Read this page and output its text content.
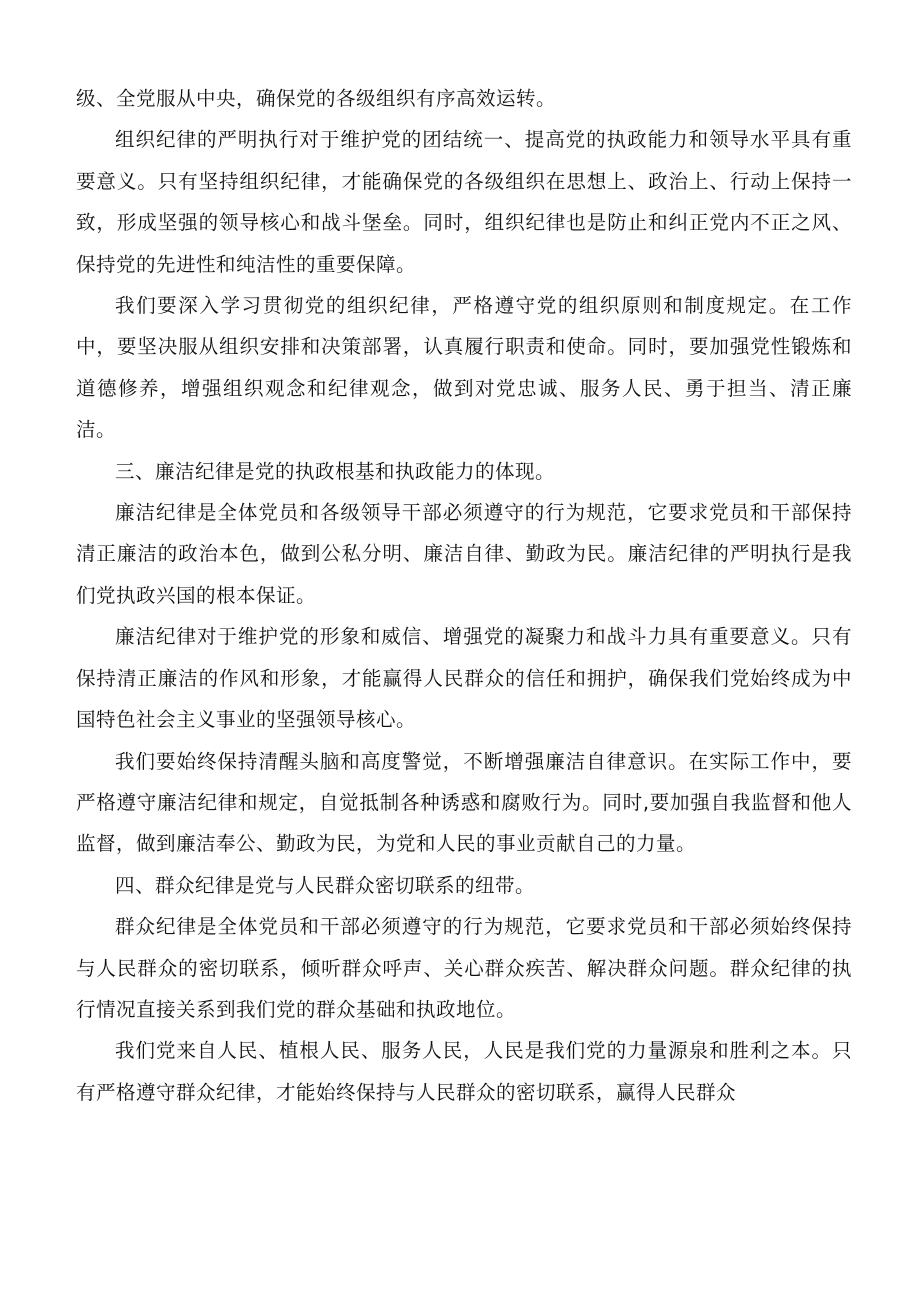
级、全党服从中央，确保党的各级组织有序高效运转。

组织纪律的严明执行对于维护党的团结统一、提高党的执政能力和领导水平具有重要意义。只有坚持组织纪律，才能确保党的各级组织在思想上、政治上、行动上保持一致，形成坚强的领导核心和战斗堡垒。同时，组织纪律也是防止和纠正党内不正之风、保持党的先进性和纯洁性的重要保障。

我们要深入学习贯彻党的组织纪律，严格遵守党的组织原则和制度规定。在工作中，要坚决服从组织安排和决策部署，认真履行职责和使命。同时，要加强党性锻炼和道德修养，增强组织观念和纪律观念，做到对党忠诚、服务人民、勇于担当、清正廉洁。

三、廉洁纪律是党的执政根基和执政能力的体现。

廉洁纪律是全体党员和各级领导干部必须遵守的行为规范，它要求党员和干部保持清正廉洁的政治本色，做到公私分明、廉洁自律、勤政为民。廉洁纪律的严明执行是我们党执政兴国的根本保证。

廉洁纪律对于维护党的形象和威信、增强党的凝聚力和战斗力具有重要意义。只有保持清正廉洁的作风和形象，才能赢得人民群众的信任和拥护，确保我们党始终成为中国特色社会主义事业的坚强领导核心。

我们要始终保持清醒头脑和高度警觉，不断增强廉洁自律意识。在实际工作中，要严格遵守廉洁纪律和规定，自觉抵制各种诱惑和腐败行为。同时,要加强自我监督和他人监督，做到廉洁奉公、勤政为民，为党和人民的事业贡献自己的力量。

四、群众纪律是党与人民群众密切联系的纽带。

群众纪律是全体党员和干部必须遵守的行为规范，它要求党员和干部必须始终保持与人民群众的密切联系，倾听群众呼声、关心群众疾苦、解决群众问题。群众纪律的执行情况直接关系到我们党的群众基础和执政地位。

我们党来自人民、植根人民、服务人民，人民是我们党的力量源泉和胜利之本。只有严格遵守群众纪律，才能始终保持与人民群众的密切联系，赢得人民群众
